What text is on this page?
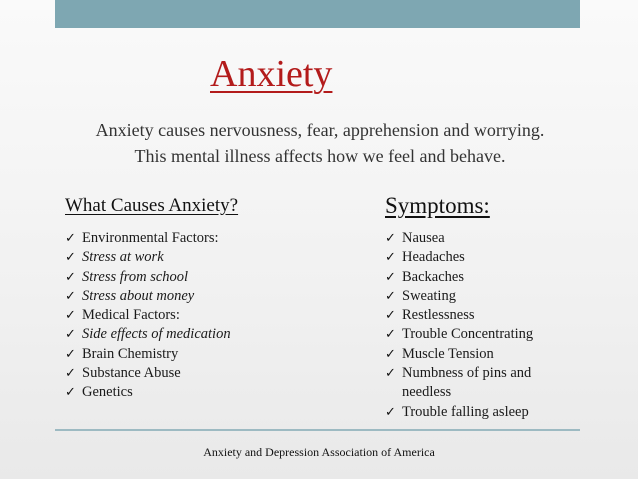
Anxiety
Anxiety causes nervousness, fear, apprehension and worrying. This mental illness affects how we feel and behave.
What Causes Anxiety?	Symptoms:
✓ Environmental Factors:
✓ Stress at work
✓ Stress from school
✓ Stress about money
✓ Medical Factors:
✓ Side effects of medication
✓ Brain Chemistry
✓ Substance Abuse
✓ Genetics
✓ Nausea
✓ Headaches
✓ Backaches
✓ Sweating
✓ Restlessness
✓ Trouble Concentrating
✓ Muscle Tension
✓ Numbness of pins and needless
✓ Trouble falling asleep
Anxiety and Depression Association of America
